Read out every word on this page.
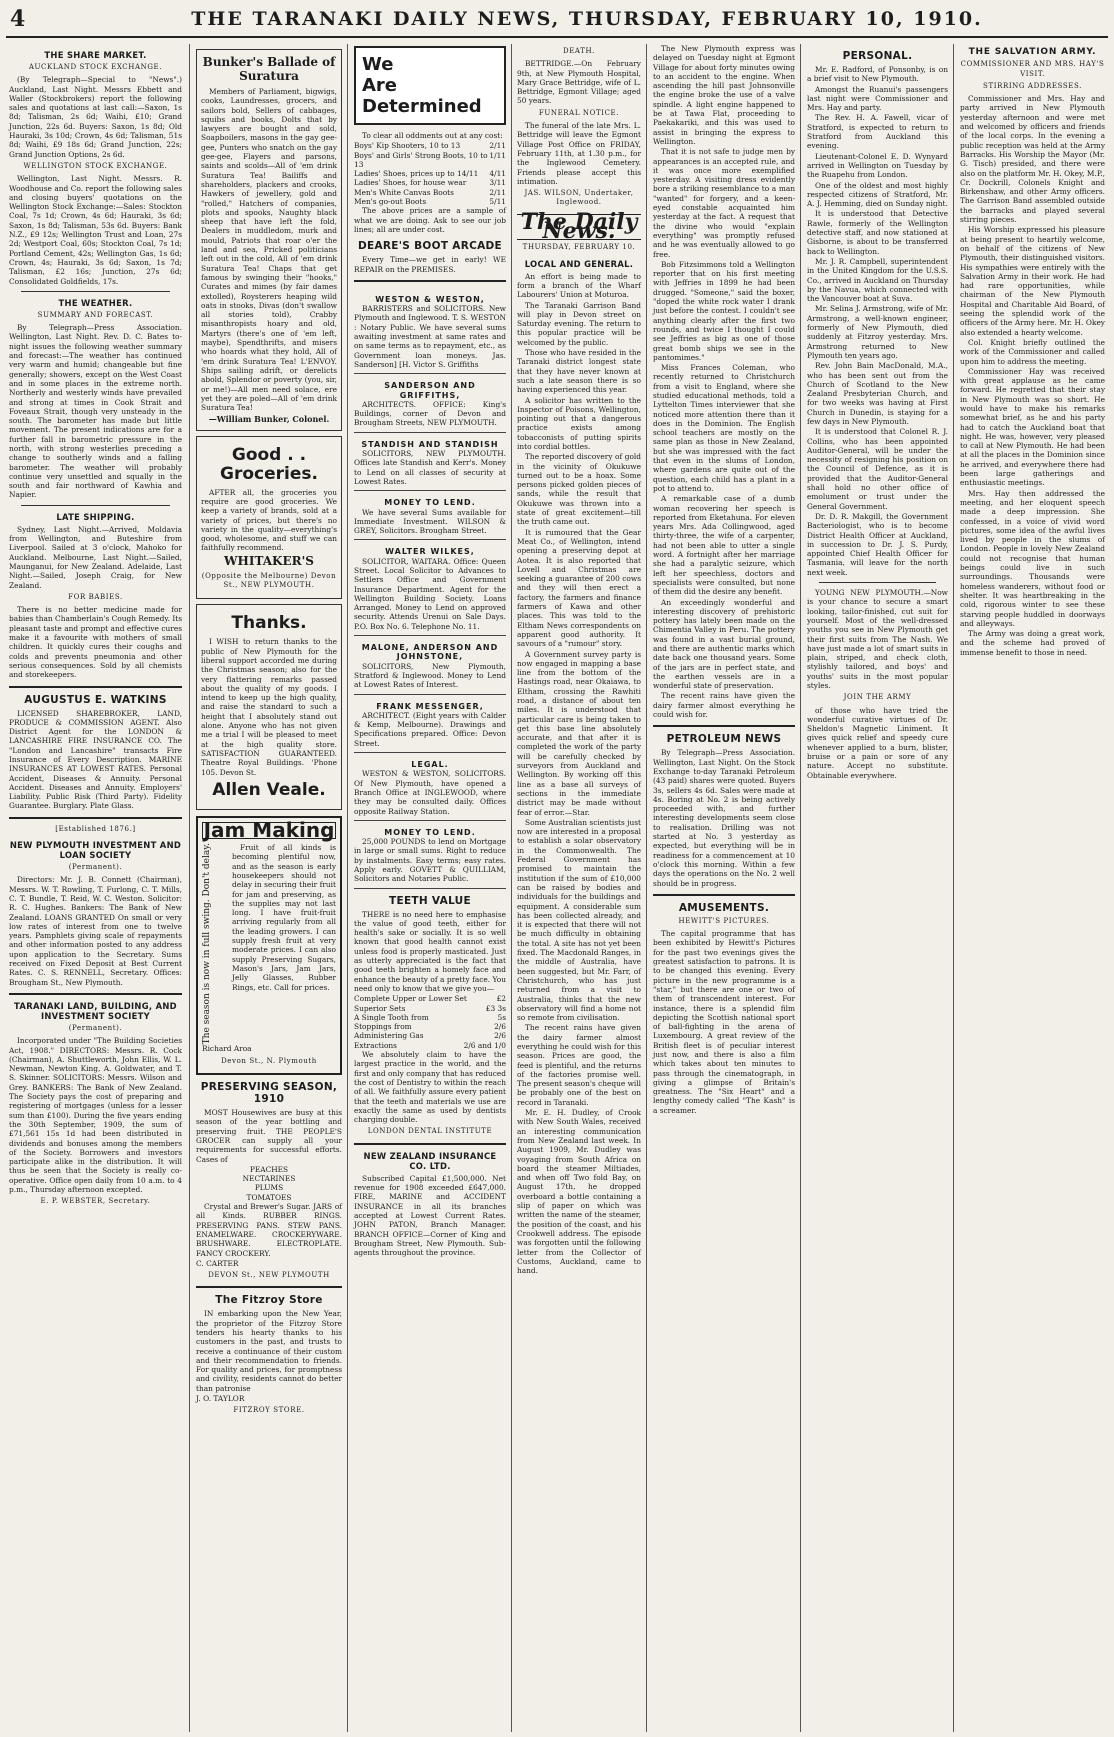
4	THE TARANAKI DAILY NEWS, THURSDAY, FEBRUARY 10, 1910.
THE SHARE MARKET.
AUCKLAND STOCK EXCHANGE.

(By Telegraph—Special to "News".) Auckland, Last Night. Messrs Ebbett and Waller (Stockbrokers) report the following sales and quotations at last call:—Saxon, 1s 8d; Talisman, 2s 6d; Waihi, £10; Grand Junction, 22s 6d. Buyers: Saxon, 1s 8d; Old Hauraki, 3s 10d; Crown, 4s 6d; Talisman, 51s 8d; Waihi, £9 18s 6d; Grand Junction, 22s; Grand Junction Options, 2s 6d.

WELLINGTON STOCK EXCHANGE.

Wellington, Last Night. Messrs. R. Woodhouse and Co. report the following sales and closing buyers' quotations on the Wellington Stock Exchange:—Sales: Stockton Coal, 7s 1d; Crown, 4s 6d; Hauraki, 3s 6d; Saxon, 1s 8d; Talisman, 53s 6d. Buyers: Bank N.Z., £9 12s; Wellington Trust and Loan, 27s 2d; Westport Coal, 60s; Stockton Coal, 7s 1d; Portland Cement, 42s; Wellington Gas, 1s 6d; Crown, 4s; Hauraki, 3s 6d; Saxon, 1s 7d; Talisman, £2 16s; Junction, 27s 6d; Consolidated Goldfields, 17s.

THE WEATHER.
SUMMARY AND FORECAST.

By Telegraph—Press Association. Wellington, Last Night. Rev. D. C. Bates to-night issues the following weather summary and forecast:—The weather has continued very warm and humid; changeable but fine generally; showers, except on the West Coast and in some places in the extreme north. Northerly and westerly winds have prevailed and strong at times in Cook Strait and Foveaux Strait, though very unsteady in the south. The barometer has made but little movement. The present indications are for a further fall in barometric pressure in the north, with strong westerlies preceding a change to southerly winds and a falling barometer. The weather will probably continue very unsettled and squally in the south and fair northward of Kawhia and Napier.

LATE SHIPPING.

Sydney, Last Night.—Arrived, Moldavia from Wellington, and Buteshire from Liverpool. Sailed at 3 o'clock, Mahoko for Auckland. Melbourne, Last Night.—Sailed, Maunganui, for New Zealand. Adelaide, Last Night.—Sailed, Joseph Craig, for New Zealand.

FOR BABIES.

There is no better medicine made for babies than Chamberlain's Cough Remedy. Its pleasant taste and prompt and effective cures make it a favourite with mothers of small children. It quickly cures their coughs and colds and prevents pneumonia and other serious consequences. Sold by all chemists and storekeepers.

AUGUSTUS E. WATKINS

LICENSED SHAREBROKER, LAND, PRODUCE & COMMISSION AGENT. Also District Agent for the LONDON & LANCASHIRE FIRE INSURANCE CO. The "London and Lancashire" transacts Fire Insurance of Every Description. MARINE INSURANCES AT LOWEST RATES. Personal Accident, Diseases & Annuity. Personal Accident. Diseases and Annuity. Employers' Liability. Public Risk (Third Party). Fidelity Guarantee. Burglary. Plate Glass.

[Established 1876.]
NEW PLYMOUTH INVESTMENT AND LOAN SOCIETY
(Permanent).

Directors: Mr. J. B. Connett (Chairman), Messrs. W. T. Rowling, T. Furlong, C. T. Mills, C. T. Bundle, T. Reid, W. C. Weston. Solicitor: R. C. Hughes. Bankers: The Bank of New Zealand. LOANS GRANTED On small or very low rates of interest from one to twelve years. Pamphlets giving scale of repayments and other information posted to any address upon application to the Secretary. Sums received on Fixed Deposit at Best Current Rates. C. S. RENNELL, Secretary. Offices: Brougham St., New Plymouth.

TARANAKI LAND, BUILDING, AND INVESTMENT SOCIETY
(Permanent).

Incorporated under "The Building Societies Act, 1908." DIRECTORS: Messrs. R. Cock (Chairman), A. Shuttleworth, John Ellis, W. L. Newman, Newton King, A. Goldwater, and T. S. Skinner. SOLICITORS: Messrs. Wilson and Grey. BANKERS: The Bank of New Zealand. The Society pays the cost of preparing and registering of mortgages (unless for a lesser sum than £100). During the five years ending the 30th September, 1909, the sum of £71,561 15s 1d had been distributed in dividends and bonuses among the members of the Society. Borrowers and investors participate alike in the distribution. It will thus be seen that the Society is really co-operative. Office open daily from 10 a.m. to 4 p.m., Thursday afternoon excepted.

E. P. WEBSTER, Secretary.
Bunker's Ballade of Suratura

Members of Parliament, bigwigs, cooks, Laundresses, grocers, and sailors bold, Sellers of cabbages, squibs and books, Dolts that by lawyers are bought and sold, Soapboilers, masons in the gay gee-gee, Punters who snatch on the gay gee-gee, Flayers and parsons, saints and scolds—All of 'em drink Suratura Tea! Bailiffs and shareholders, plackers and crooks, Hawkers of jewellery, gold and "rolled," Hatchers of companies, plots and spooks, Naughty black sheep that have left the fold, Dealers in muddledom, murk and mould, Patriots that roar o'er the land and sea, Pricked politicians left out in the cold, All of 'em drink Suratura Tea! Chaps that get famous by swinging their "hooks," Curates and mimes (by fair dames extolled), Roysterers heaping wild oats in stooks, Divas (don't swallow all stories told), Crabby misanthropists hoary and old, Martyrs (there's one of 'em left, maybe), Spendthrifts, and misers who hoards what they hold, All of 'em drink Suratura Tea! L'ENVOY. Ships sailing adrift, or derelicts abold, Splendor or poverty (you, sir, or me!)—All men need solace, ere yet they are poled—All of 'em drink Suratura Tea!

—William Bunker, Colonel.
Good . . Groceries.

AFTER all, the groceries you require are good groceries. We keep a variety of brands, sold at a variety of prices, but there's no variety in the quality—everything's good, wholesome, and stuff we can faithfully recommend.

WHITAKER'S
(Opposite the Melbourne) Devon St., NEW PLYMOUTH.
Thanks.

I WISH to return thanks to the public of New Plymouth for the liberal support accorded me during the Christmas season; also for the very flattering remarks passed about the quality of my goods. I intend to keep up the high quality, and raise the standard to such a height that I absolutely stand out alone. Anyone who has not given me a trial I will be pleased to meet at the high quality store. SATISFACTION GUARANTEED. Theatre Royal Buildings. 'Phone 105. Devon St.

Allen Veale.
Jam Making
The season is now in full swing. Don't delay.	Fruit of all kinds is becoming plentiful now, and as the season is early housekeepers should not delay in securing their fruit for jam and preserving, as the supplies may not last long. I have fruit-fruit arriving regularly from all the leading growers. I can supply fresh fruit at very moderate prices. I can also supply Preserving Sugars, Mason's Jars, Jam Jars, Jelly Glasses, Rubber Rings, etc. Call for prices.

Richard Aroa
Devon St., N. Plymouth
PRESERVING SEASON, 1910

MOST Housewives are busy at this season of the year bottling and preserving fruit. THE PEOPLE'S GROCER can supply all your requirements for successful efforts. Cases of

PEACHES
NECTARINES
PLUMS
TOMATOES

Crystal and Brewer's Sugar. JARS of all Kinds. RUBBER RINGS. PRESERVING PANS. STEW PANS. ENAMELWARE. CROCKERYWARE. BRUSHWARE. ELECTROPLATE. FANCY CROCKERY.

C. CARTER
DEVON St., NEW PLYMOUTH
The Fitzroy Store

IN embarking upon the New Year, the proprietor of the Fitzroy Store tenders his hearty thanks to his customers in the past, and trusts to receive a continuance of their custom and their recommendation to friends. For quality and prices, for promptness and civility, residents cannot do better than patronise

J. O. TAYLOR
FITZROY STORE.
We
Are
Determined

To clear all oddments out at any cost:

Boys' Kip Shooters, 10 to 13	2/11
Boys' and Girls' Strong Boots, 10 to 13
1/11
Ladies' Shoes, prices up to 14/11 4/11
Ladies' Shoes, for house wear	3/11
Men's White Canvas Boots	2/11
Men's go-out Boots	5/11

The above prices are a sample of what we are doing. Ask to see our job lines; all are under cost.

DEARE'S BOOT ARCADE

Every Time—we get in early! WE REPAIR on the PREMISES.

WESTON & WESTON,

BARRISTERS and SOLICITORS. New Plymouth and Inglewood. T. S. WESTON : Notary Public. We have several sums awaiting investment at same rates and on same terms as to repayment, etc., as Government loan moneys. Jas. Sanderson] [H. Victor S. Griffiths

SANDERSON AND GRIFFITHS,

ARCHITECTS. OFFICE: King's Buildings, corner of Devon and Brougham Streets, NEW PLYMOUTH.

STANDISH AND STANDISH

SOLICITORS, NEW PLYMOUTH. Offices late Standish and Kerr's. Money to Lend on all classes of security at Lowest Rates.

MONEY TO LEND.

We have several Sums available for Immediate Investment. WILSON & GREY, Solicitors. Brougham Street.

WALTER WILKES,

SOLICITOR, WAITARA. Office: Queen Street. Local Solicitor to Advances to Settlers Office and Government Insurance Department. Agent for the Wellington Building Society. Loans Arranged. Money to Lend on approved security. Attends Urenui on Sale Days. P.O. Box No. 6. Telephone No. 11.

MALONE, ANDERSON AND JOHNSTONE,

SOLICITORS, New Plymouth, Stratford & Inglewood. Money to Lend at Lowest Rates of Interest.

FRANK MESSENGER,

ARCHITECT. (Eight years with Calder & Kemp, Melbourne). Drawings and Specifications prepared. Office: Devon Street.

LEGAL.

WESTON & WESTON, SOLICITORS. Of New Plymouth, have opened a Branch Office at INGLEWOOD, where they may be consulted daily. Offices opposite Railway Station.

MONEY TO LEND.

25,000 POUNDS to lend on Mortgage in large or small sums. Right to reduce by instalments. Easy terms; easy rates. Apply early. GOVETT & QUILLIAM, Solicitors and Notaries Public.

TEETH VALUE

THERE is no need here to emphasise the value of good teeth, either for health's sake or socially. It is so well known that good health cannot exist unless food is properly masticated. Just as utterly appreciated is the fact that good teeth brighten a homely face and enhance the beauty of a pretty face. You need only to know that we give you—

Complete Upper or Lower Set	£2
Superior Sets	£3 3s
A Single Tooth from	5s
Stoppings from	2/6
Administering Gas	2/6
Extractions	2/6 and 1/0

We absolutely claim to have the largest practice in the world, and the first and only company that has reduced the cost of Dentistry to within the reach of all. We faithfully assure every patient that the teeth and materials we use are exactly the same as used by dentists charging double.

LONDON DENTAL INSTITUTE
NEW ZEALAND INSURANCE CO. LTD.

Subscribed Capital £1,500,000. Net revenue for 1908 exceeded £647,000. FIRE, MARINE and ACCIDENT INSURANCE in all its branches accepted at Lowest Current Rates. JOHN PATON, Branch Manager. BRANCH OFFICE—Corner of King and Brougham Street, New Plymouth. Sub-agents throughout the province.

DEATH.

BETTRIDGE.—On February 9th, at New Plymouth Hospital, Mary Grace Bettridge, wife of L. Bettridge, Egmont Village; aged 50 years.

FUNERAL NOTICE.

The funeral of the late Mrs. L. Bettridge will leave the Egmont Village Post Office on FRIDAY, February 11th, at 1.30 p.m., for the Inglewood Cemetery. Friends please accept this intimation.

JAS. WILSON, Undertaker, Inglewood.
The Daily News.
THURSDAY, FEBRUARY 10.
LOCAL AND GENERAL.

An effort is being made to form a branch of the Wharf Labourers' Union at Moturoa.

The Taranaki Garrison Band will play in Devon street on Saturday evening. The return to this popular practice will be welcomed by the public.

Those who have resided in the Taranaki district longest state that they have never known at such a late season there is so having experienced this year.

A solicitor has written to the Inspector of Poisons, Wellington, pointing out that a dangerous practice exists among tobacconists of putting spirits into cordial bottles.

The reported discovery of gold in the vicinity of Okukuwe turned out to be a hoax. Some persons picked golden pieces of sands, while the result that Okukuwe was thrown into a state of great excitement—till the truth came out.

It is rumoured that the Gear Meat Co., of Wellington, intend opening a preserving depot at Aotea. It is also reported that Lovell and Christmas are seeking a guarantee of 200 cows and they will then erect a factory, the farmers and finance farmers of Kawa and other places. This was told to the Eltham News correspondents on apparent good authority. It savours of a "rumour" story.

A Government survey party is now engaged in mapping a base line from the bottom of the Hastings road, near Okaiawa, to Eltham, crossing the Rawhiti road, a distance of about ten miles. It is understood that particular care is being taken to get this base line absolutely accurate, and that after it is completed the work of the party will be carefully checked by surveyors from Auckland and Wellington. By working off this line as a base all surveys of sections in the immediate district may be made without fear of error.—Star.

Some Australian scientists just now are interested in a proposal to establish a solar observatory in the Commonwealth. The Federal Government has promised to maintain the institution if the sum of £10,000 can be raised by bodies and individuals for the buildings and equipment. A considerable sum has been collected already, and it is expected that there will not be much difficulty in obtaining the total. A site has not yet been fixed. The Macdonald Ranges, in the middle of Australia, have been suggested, but Mr. Farr, of Christchurch, who has just returned from a visit to Australia, thinks that the new observatory will find a home not so remote from civilisation.

The recent rains have given the dairy farmer almost everything he could wish for this season. Prices are good, the feed is plentiful, and the returns of the factories promise well. The present season's cheque will be probably one of the best on record in Taranaki.

Mr. E. H. Dudley, of Crook with New South Wales, received an interesting communication from New Zealand last week. In August 1909, Mr. Dudley was voyaging from South Africa on board the steamer Miltiades, and when off Two fold Bay, on August 17th, he dropped overboard a bottle containing a slip of paper on which was written the name of the steamer, the position of the coast, and his Crookwell address. The episode was forgotten until the following letter from the Collector of Customs, Auckland, came to hand.

The New Plymouth express was delayed on Tuesday night at Egmont Village for about forty minutes owing to an accident to the engine. When ascending the hill past Johnsonville the engine broke the use of a valve spindle. A light engine happened to be at Tawa Flat, proceeding to Paekakariki, and this was used to assist in bringing the express to Wellington.

That it is not safe to judge men by appearances is an accepted rule, and it was once more exemplified yesterday. A visiting dress evidently bore a striking resemblance to a man "wanted" for forgery, and a keen-eyed constable acquainted him yesterday at the fact. A request that the divine who would "explain everything" was promptly refused and he was eventually allowed to go free.

Bob Fitzsimmons told a Wellington reporter that on his first meeting with Jeffries in 1899 he had been drugged. "Someone," said the boxer, "doped the white rock water I drank just before the contest. I couldn't see anything clearly after the first two rounds, and twice I thought I could see Jeffries as big as one of those great bomb ships we see in the pantomimes."

Miss Frances Coleman, who recently returned to Christchurch from a visit to England, where she studied educational methods, told a Lyttelton Times interviewer that she noticed more attention there than it does in the Dominion. The English school teachers are mostly on the same plan as those in New Zealand, but she was impressed with the fact that even in the slums of London, where gardens are quite out of the question, each child has a plant in a pot to attend to.

A remarkable case of a dumb woman recovering her speech is reported from Eketahuna. For eleven years Mrs. Ada Collingwood, aged thirty-three, the wife of a carpenter, had not been able to utter a single word. A fortnight after her marriage she had a paralytic seizure, which left her speechless, doctors and specialists were consulted, but none of them did the desire any benefit.

An exceedingly wonderful and interesting discovery of prehistoric pottery has lately been made on the Chimentia Valley in Peru. The pottery was found in a vast burial ground, and there are authentic marks which date back one thousand years. Some of the jars are in perfect state, and the earthen vessels are in a wonderful state of preservation.

The recent rains have given the dairy farmer almost everything he could wish for.

PETROLEUM NEWS

By Telegraph—Press Association. Wellington, Last Night. On the Stock Exchange to-day Taranaki Petroleum (43 paid) shares were quoted. Buyers 3s, sellers 4s 6d. Sales were made at 4s. Boring at No. 2 is being actively proceeded with, and further interesting developments seem close to realisation. Drilling was not started at No. 3 yesterday as expected, but everything will be in readiness for a commencement at 10 o'clock this morning. Within a few days the operations on the No. 2 well should be in progress.

AMUSEMENTS.
HEWITT'S PICTURES.

The capital programme that has been exhibited by Hewitt's Pictures for the past two evenings gives the greatest satisfaction to patrons. It is to be changed this evening. Every picture in the new programme is a "star," but there are one or two of them of transcendent interest. For instance, there is a splendid film depicting the Scottish national sport of ball-fighting in the arena of Luxembourg. A great review of the British fleet is of peculiar interest just now, and there is also a film which takes about ten minutes to pass through the cinematograph, in giving a glimpse of Britain's greatness. The "Six Heart" and a lengthy comedy called "The Kash" is a screamer.

PERSONAL.

Mr. E. Radford, of Ponsonby, is on a brief visit to New Plymouth.

Amongst the Ruanui's passengers last night were Commissioner and Mrs. Hay and party.

The Rev. H. A. Fawell, vicar of Stratford, is expected to return to Stratford from Auckland this evening.

Lieutenant-Colonel E. D. Wynyard arrived in Wellington on Tuesday by the Ruapehu from London.

One of the oldest and most highly respected citizens of Stratford, Mr. A. J. Hemming, died on Sunday night.

It is understood that Detective Rawle, formerly of the Wellington detective staff, and now stationed at Gisborne, is about to be transferred back to Wellington.

Mr. J. R. Campbell, superintendent in the United Kingdom for the U.S.S. Co., arrived in Auckland on Thursday by the Navua, which connected with the Vancouver boat at Suva.

Mr. Selina J. Armstrong, wife of Mr. Armstrong, a well-known engineer, formerly of New Plymouth, died suddenly at Fitzroy yesterday. Mrs. Armstrong returned to New Plymouth ten years ago.

Rev. John Bain MacDonald, M.A., who has been sent out from the Church of Scotland to the New Zealand Presbyterian Church, and for two weeks was having at First Church in Dunedin, is staying for a few days in New Plymouth.

It is understood that Colonel R. J. Collins, who has been appointed Auditor-General, will be under the necessity of resigning his position on the Council of Defence, as it is provided that the Auditor-General shall hold no other office of emolument or trust under the General Government.

Dr. D. R. Makgill, the Government Bacteriologist, who is to become District Health Officer at Auckland, in succession to Dr. J. S. Purdy, appointed Chief Health Officer for Tasmania, will leave for the north next week.

YOUNG NEW PLYMOUTH.—Now is your chance to secure a smart looking, tailor-finished, cut suit for yourself. Most of the well-dressed youths you see in New Plymouth get their first suits from The Nash. We have just made a lot of smart suits in plain, striped, and check cloth, stylishly tailored, and boys' and youths' suits in the most popular styles.

JOIN THE ARMY

of those who have tried the wonderful curative virtues of Dr. Sheldon's Magnetic Liniment. It gives quick relief and speedy cure whenever applied to a burn, blister, bruise or a pain or sore of any nature. Accept no substitute. Obtainable everywhere.

THE SALVATION ARMY.
COMMISSIONER AND MRS. HAY'S VISIT.
STIRRING ADDRESSES.

Commissioner and Mrs. Hay and party arrived in New Plymouth yesterday afternoon and were met and welcomed by officers and friends of the local corps. In the evening a public reception was held at the Army Barracks. His Worship the Mayor (Mr. G. Tisch) presided, and there were also on the platform Mr. H. Okey, M.P., Cr. Dockrill, Colonels Knight and Birkenshaw, and other Army officers. The Garrison Band assembled outside the barracks and played several stirring pieces.

His Worship expressed his pleasure at being present to heartily welcome, on behalf of the citizens of New Plymouth, their distinguished visitors. His sympathies were entirely with the Salvation Army in their work. He had had rare opportunities, while chairman of the New Plymouth Hospital and Charitable Aid Board, of seeing the splendid work of the officers of the Army here. Mr. H. Okey also extended a hearty welcome.

Col. Knight briefly outlined the work of the Commissioner and called upon him to address the meeting.

Commissioner Hay was received with great applause as he came forward. He regretted that their stay in New Plymouth was so short. He would have to make his remarks somewhat brief, as he and his party had to catch the Auckland boat that night. He was, however, very pleased to call at New Plymouth. He had been at all the places in the Dominion since he arrived, and everywhere there had been large gatherings and enthusiastic meetings.

Mrs. Hay then addressed the meeting, and her eloquent speech made a deep impression. She confessed, in a voice of vivid word pictures, some idea of the awful lives lived by people in the slums of London. People in lovely New Zealand could not recognise that human beings could live in such surroundings. Thousands were homeless wanderers, without food or shelter. It was heartbreaking in the cold, rigorous winter to see these starving people huddled in doorways and alleyways.

The Army was doing a great work, and the scheme had proved of immense benefit to those in need.
